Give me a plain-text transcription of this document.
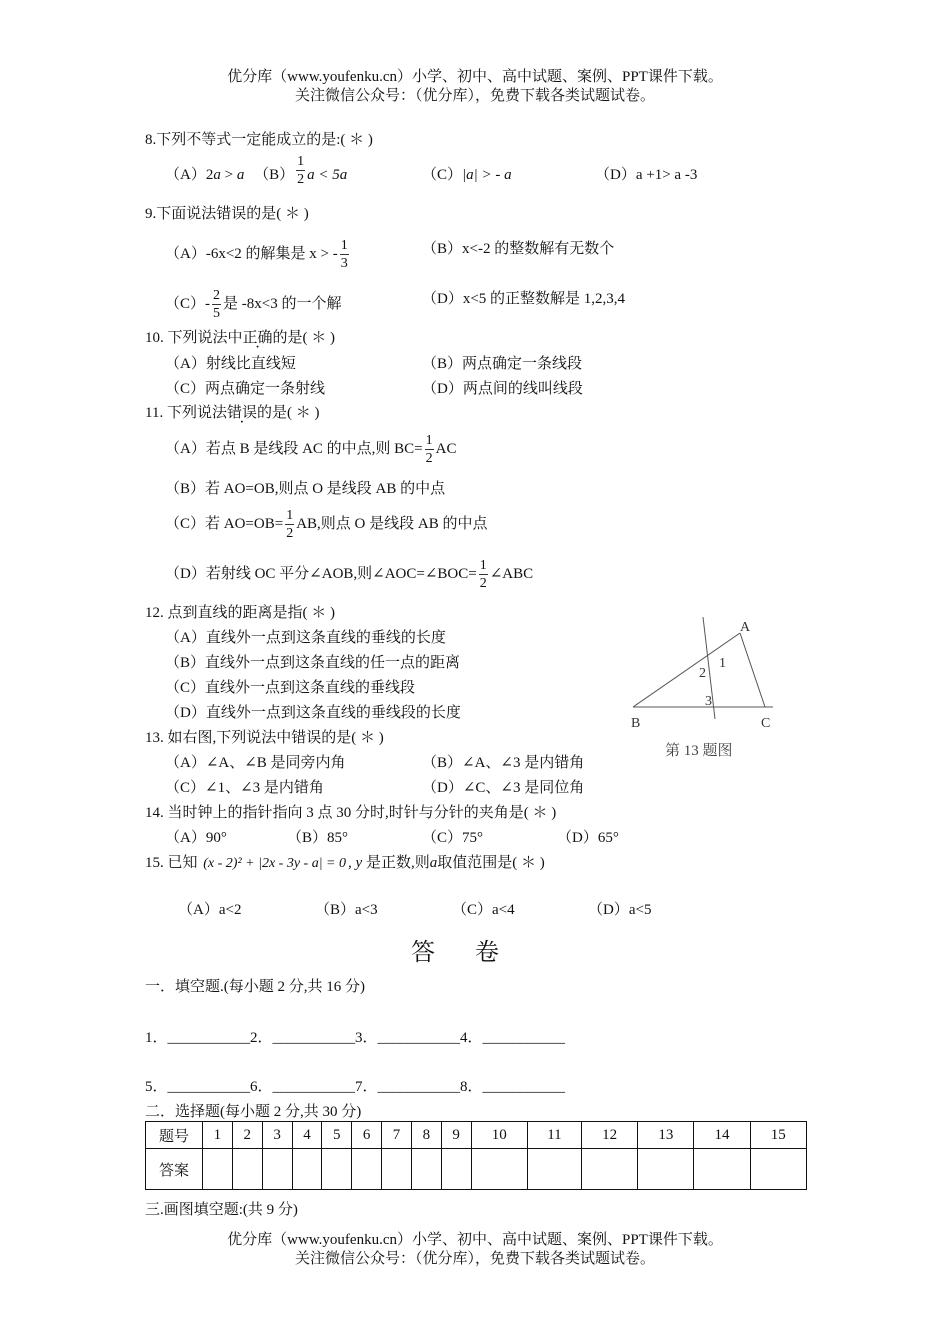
优分库（www.youfenku.cn）小学、初中、高中试题、案例、PPT课件下载。
关注微信公众号：（优分库），免费下载各类试题试卷。
8.下列不等式一定能成立的是:( ＊ )
（A）2a > a $(B) \frac{1}{2}$ a < 5a	（C）|a| > - a	（D）a +1> a -3
9.下面说法错误的是( ＊ )
（A）-6x<2 的解集是 x > - $\frac{1}{3}$	（B）x<-2 的整数解有无数个
$(C)- \frac{2}{5}$ 是 -8x<3 的一个解	（D）x<5 的正整数解是 1,2,3,4
10. 下列说法中正确的是( ＊ )
（A）射线比直线短	（B）两点确定一条线段
（C）两点确定一条射线	（D）两点间的线叫线段
11. 下列说法错误的是( ＊ )
（A）若点 B 是线段 AC 的中点,则 $BC= \frac{1}{2}$ AC
（B）若 AO=OB,则点 O 是线段 AB 的中点
（C）若 $AO=OB= \frac{1}{2}$ AB,则点 O 是线段 AB 的中点
（D）若射线 OC 平分∠AOB,则∠AOC=∠BOC= $\frac{1}{2}$ ∠ABC
12. 点到直线的距离是指( ＊ )
（A）直线外一点到这条直线的垂线的长度
（B）直线外一点到这条直线的任一点的距离
（C）直线外一点到这条直线的垂线段
（D）直线外一点到这条直线的垂线段的长度
A
B	C
1
2
3
第 13 题图
13. 如右图,下列说法中错误的是( ＊ )
（A）∠A、∠B 是同旁内角	（B）∠A、∠3 是内错角
（C）∠1、∠3 是内错角	（D）∠C、∠3 是同位角
14. 当时钟上的指针指向 3 点 30 分时,时针与分针的夹角是( ＊ )
（A）90°	（B）85°	（C）75°	（D）65°
15. 已知 (x - 2)² + |2x - 3y - a| = 0 , y 是正数,则a取值范围是( ＊ )
（A）a<2	（B）a<3	（C）a<4	（D）a<5
答卷
一．填空题.(每小题 2 分,共 16 分)
1．___________2．___________3．___________4．___________
5．___________6．___________7．___________8．___________
二．选择题(每小题 2 分,共 30 分)
题号	1	2	3	4	5	6	7	8	9	10	11	12	13	14	15
答案															
三.画图填空题:(共 9 分)
优分库（www.youfenku.cn）小学、初中、高中试题、案例、PPT课件下载。
关注微信公众号：（优分库），免费下载各类试题试卷。
